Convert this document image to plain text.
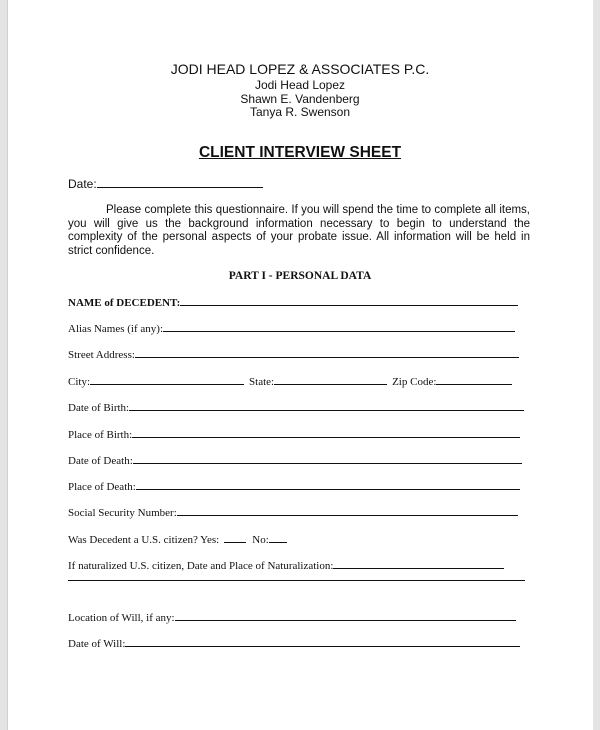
JODI HEAD LOPEZ & ASSOCIATES P.C.
Jodi Head Lopez
Shawn E. Vandenberg
Tanya R. Swenson
CLIENT INTERVIEW SHEET
Date:
Please complete this questionnaire. If you will spend the time to complete all items, you will give us the background information necessary to begin to understand the complexity of the personal aspects of your probate issue. All information will be held in strict confidence.
PART I - PERSONAL DATA
NAME of DECEDENT:
Alias Names (if any):
Street Address:
City:	State:	Zip Code:
Date of Birth:
Place of Birth:
Date of Death:
Place of Death:
Social Security Number:
Was Decedent a U.S. citizen? Yes:	No:
If naturalized U.S. citizen, Date and Place of Naturalization:
Location of Will, if any:
Date of Will:
